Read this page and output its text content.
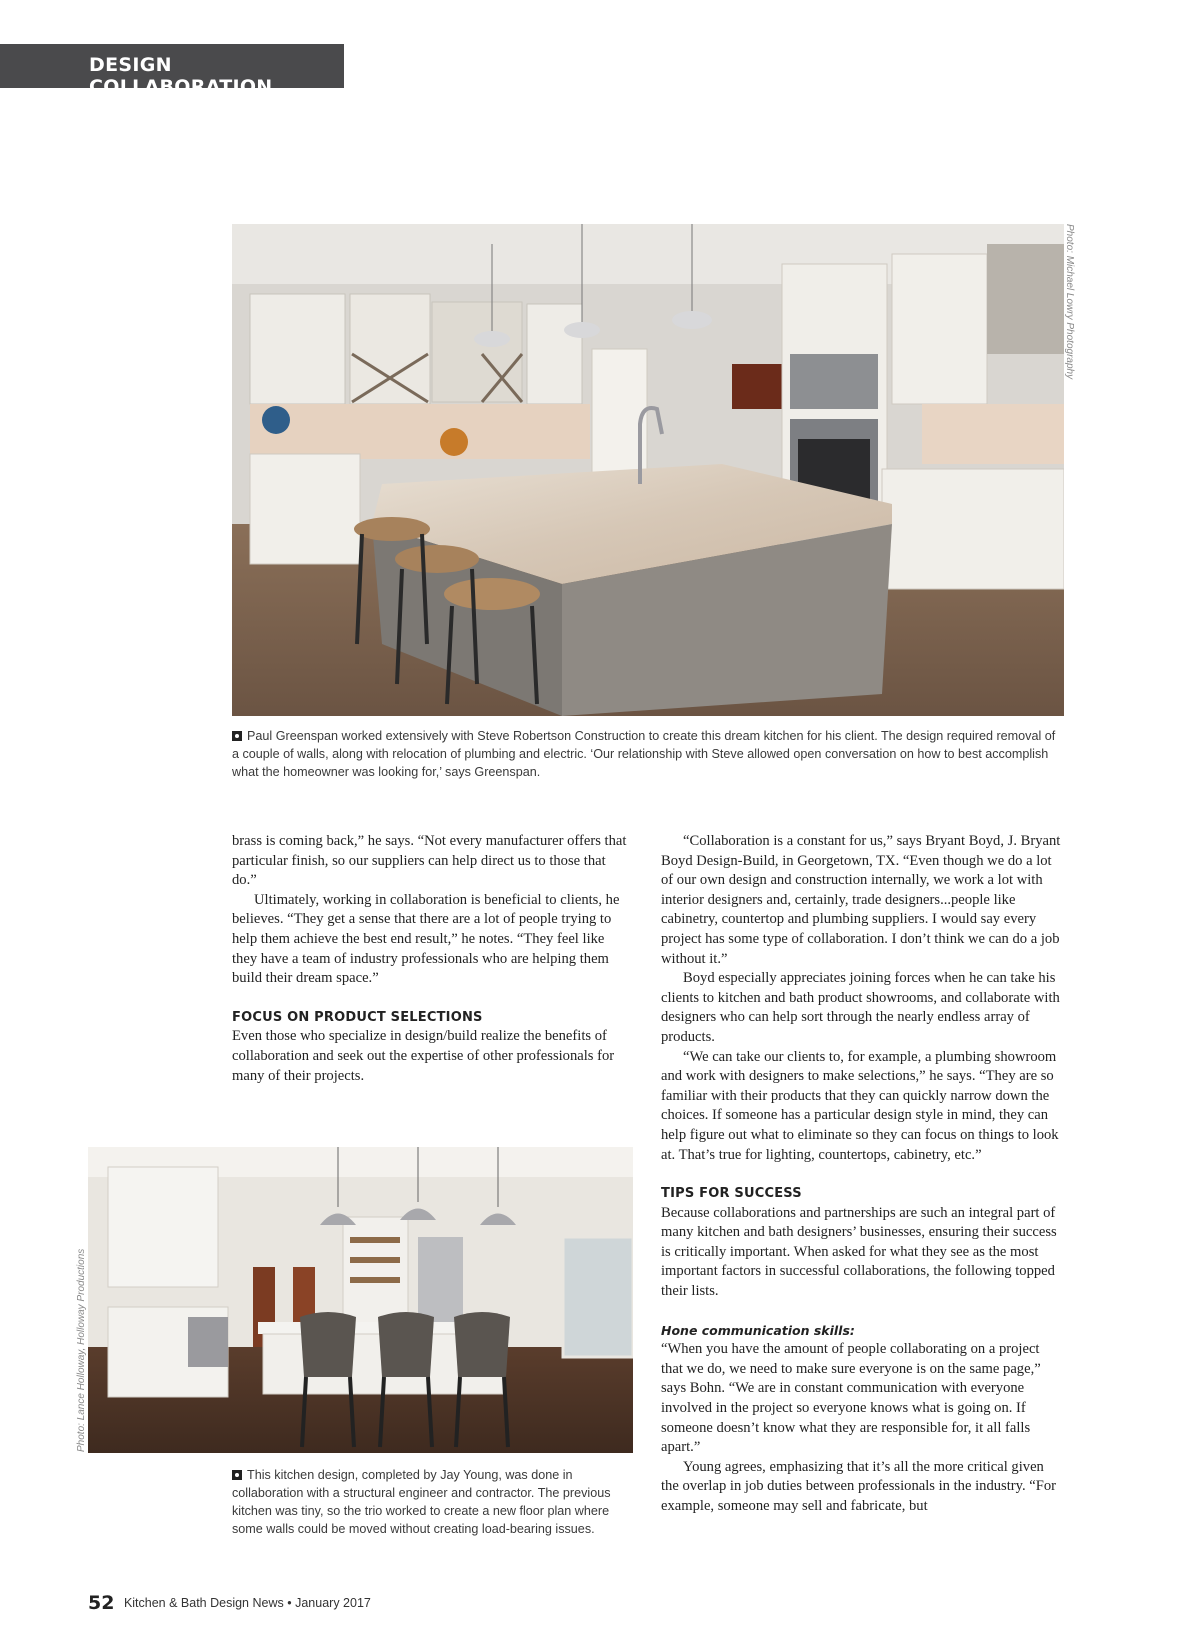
DESIGN COLLABORATION
Photo: Michael Lowry Photography
Paul Greenspan worked extensively with Steve Robertson Construction to create this dream kitchen for his client. The design required removal of a couple of walls, along with relocation of plumbing and electric. ‘Our relationship with Steve allowed open conversation on how to best accomplish what the homeowner was looking for,’ says Greenspan.

brass is coming back,” he says. “Not every manufacturer offers that particular finish, so our suppliers can help direct us to those that do.”

Ultimately, working in collaboration is beneficial to clients, he believes. “They get a sense that there are a lot of people trying to help them achieve the best end result,” he notes. “They feel like they have a team of industry professionals who are helping them build their dream space.”

FOCUS ON PRODUCT SELECTIONS

Even those who specialize in design/build realize the benefits of collaboration and seek out the expertise of other professionals for many of their projects.

“Collaboration is a constant for us,” says Bryant Boyd, J. Bryant Boyd Design-Build, in Georgetown, TX. “Even though we do a lot of our own design and construction internally, we work a lot with interior designers and, certainly, trade designers...people like cabinetry, countertop and plumbing suppliers. I would say every project has some type of collaboration. I don’t think we can do a job without it.”

Boyd especially appreciates joining forces when he can take his clients to kitchen and bath product showrooms, and collaborate with designers who can help sort through the nearly endless array of products.

“We can take our clients to, for example, a plumbing showroom and work with designers to make selections,” he says. “They are so familiar with their products that they can quickly narrow down the choices. If someone has a particular design style in mind, they can help figure out what to eliminate so they can focus on things to look at. That’s true for lighting, countertops, cabinetry, etc.”

TIPS FOR SUCCESS

Because collaborations and partnerships are such an integral part of many kitchen and bath designers’ businesses, ensuring their success is critically important. When asked for what they see as the most important factors in successful collaborations, the following topped their lists.

Hone communication skills:

“When you have the amount of people collaborating on a project that we do, we need to make sure everyone is on the same page,” says Bohn. “We are in constant communication with everyone involved in the project so everyone knows what is going on. If someone doesn’t know what they are responsible for, it all falls apart.”

Young agrees, emphasizing that it’s all the more critical given the overlap in job duties between professionals in the industry. “For example, someone may sell and fabricate, but

Photo: Lance Holloway, Holloway Productions
This kitchen design, completed by Jay Young, was done in collaboration with a structural engineer and contractor. The previous kitchen was tiny, so the trio worked to create a new floor plan where some walls could be moved without creating load-bearing issues.
52 Kitchen & Bath Design News • January 2017
